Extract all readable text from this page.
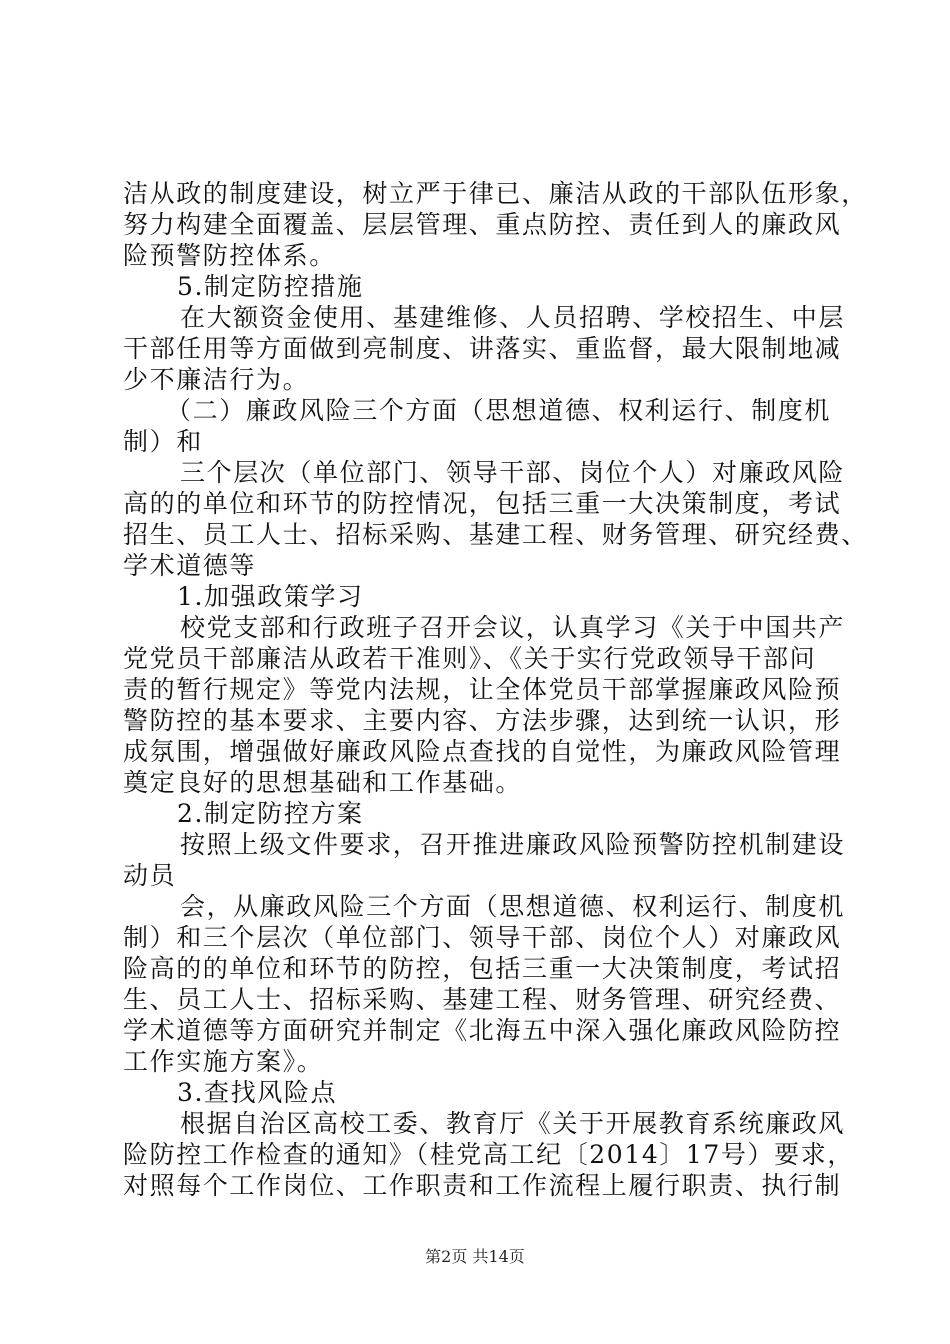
洁从政的制度建设，树立严于律已、廉洁从政的干部队伍形象，
努力构建全面覆盖、层层管理、重点防控、责任到人的廉政风
险预警防控体系。
5.制定防控措施
在大额资金使用、基建维修、人员招聘、学校招生、中层
干部任用等方面做到亮制度、讲落实、重监督，最大限制地减
少不廉洁行为。
（二）廉政风险三个方面（思想道德、权利运行、制度机
制）和
三个层次（单位部门、领导干部、岗位个人）对廉政风险
高的的单位和环节的防控情况，包括三重一大决策制度，考试
招生、员工人士、招标采购、基建工程、财务管理、研究经费、
学术道德等
1.加强政策学习
校党支部和行政班子召开会议，认真学习《关于中国共产
党党员干部廉洁从政若干准则》、《关于实行党政领导干部问
责的暂行规定》等党内法规，让全体党员干部掌握廉政风险预
警防控的基本要求、主要内容、方法步骤，达到统一认识，形
成氛围，增强做好廉政风险点查找的自觉性，为廉政风险管理
奠定良好的思想基础和工作基础。
2.制定防控方案
按照上级文件要求，召开推进廉政风险预警防控机制建设
动员
会，从廉政风险三个方面（思想道德、权利运行、制度机
制）和三个层次（单位部门、领导干部、岗位个人）对廉政风
险高的的单位和环节的防控，包括三重一大决策制度，考试招
生、员工人士、招标采购、基建工程、财务管理、研究经费、
学术道德等方面研究并制定《北海五中深入强化廉政风险防控
工作实施方案》。
3.查找风险点
根据自治区高校工委、教育厅《关于开展教育系统廉政风
险防控工作检查的通知》（桂党高工纪〔2014〕17号）要求，
对照每个工作岗位、工作职责和工作流程上履行职责、执行制
第2页 共14页
